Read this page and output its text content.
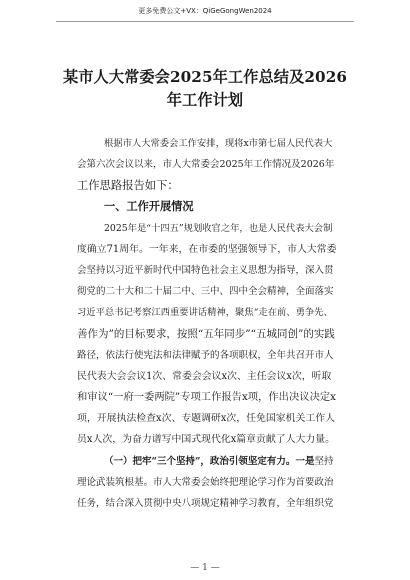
更多免费公文+VX：QiGeGongWen2024
某市人大常委会2025年工作总结及2026
年工作计划
根据市人大常委会工作安排，现将x市第七届人民代表大
会第六次会议以来，市人大常委会2025年工作情况及2026年
工作思路报告如下：
一、工作开展情况
2025年是“十四五”规划收官之年，也是人民代表大会制
度确立71周年。一年来，在市委的坚强领导下，市人大常委
会坚持以习近平新时代中国特色社会主义思想为指导，深入贯
彻党的二十大和二十届二中、三中、四中全会精神，全面落实
习近平总书记考察江西重要讲话精神，聚焦“走在前、勇争先、
善作为”的目标要求，按照“五年同步”“五城同创”的实践
路径，依法行使宪法和法律赋予的各项职权，全年共召开市人
民代表大会会议1次、常委会会议x次、主任会议x次，听取
和审议“一府一委两院”专项工作报告x项，作出决议决定x
项，开展执法检查x次、专题调研x次，任免国家机关工作人
员x人次，为奋力谱写中国式现代化x篇章贡献了人大力量。
（一）把牢“三个坚持”，政治引领坚定有力。一是坚持
理论武装筑根基。市人大常委会始终把理论学习作为首要政治
任务，结合深入贯彻中央八项规定精神学习教育，全年组织党
— 1 —
